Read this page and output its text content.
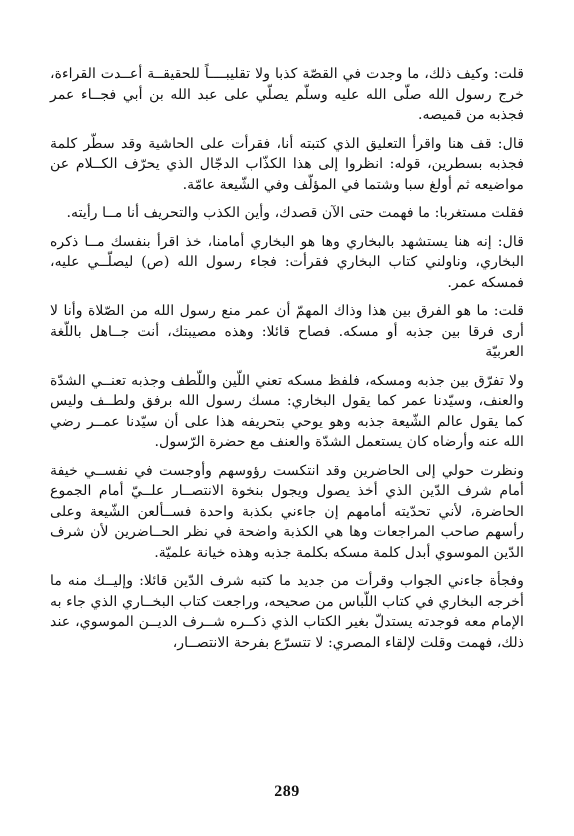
قلت: وكيف ذلك، ما وجدت في القصّة كذبا ولا تقليبــــاً للحقيقــة أعــدت القراءة، خرج رسول الله صلّى الله عليه وسلّم يصلّي على عبد الله بن أبي فجــاء عمر فجذبه من قميصه.

قال: قف هنا واقرأ التعليق الذي كتبته أنا، فقرأت على الحاشية وقد سطّر كلمة فجذبه بسطرين، قوله: انظروا إلى هذا الكذّاب الدجّال الذي يحرّف الكــلام عن مواضيعه ثم أولغ سبا وشتما في المؤلّف وفي الشّيعة عامّة.

فقلت مستغربا: ما فهمت حتى الآن قصدك، وأين الكذب والتحريف أنا مــا رأيته.

قال: إنه هنا يستشهد بالبخاري وها هو البخاري أمامنا، خذ اقرأ بنفسك مــا ذكره البخاري، وناولني كتاب البخاري فقرأت: فجاء رسول الله (ص) ليصلّــي عليه، فمسكه عمر.

قلت: ما هو الفرق بين هذا وذاك المهمّ أن عمر منع رسول الله من الصّلاة وأنا لا أرى فرقا بين جذبه أو مسكه. فصاح قائلا: وهذه مصيبتك، أنت جــاهل باللّغة العربيّة

ولا تفرّق بين جذبه ومسكه، فلفظ مسكه تعني اللّين واللّطف وجذبه تعنــي الشدّة والعنف، وسيّدنا عمر كما يقول البخاري: مسك رسول الله برفق ولطــف وليس كما يقول عالم الشّيعة جذبه وهو يوحي بتحريفه هذا على أن سيّدنا عمــر رضي الله عنه وأرضاه كان يستعمل الشدّة والعنف مع حضرة الرّسول.

ونظرت حولي إلى الحاضرين وقد انتكست رؤوسهم وأوجست في نفســي خيفة أمام شرف الدّين الذي أخذ يصول ويجول بنخوة الانتصــار علــيّ أمام الجموع الحاضرة، لأني تحدّيته أمامهم إن جاءني بكذبة واحدة فســألعن الشّيعة وعلى رأسهم صاحب المراجعات وها هي الكذبة واضحة في نظر الحــاضرين لأن شرف الدّين الموسوي أبدل كلمة مسكه بكلمة جذبه وهذه خيانة علميّة.

وفجأة جاءني الجواب وقرأت من جديد ما كتبه شرف الدّين قائلا: وإليــك منه ما أخرجه البخاري في كتاب اللّباس من صحيحه، وراجعت كتاب البخــاري الذي جاء به الإمام معه فوجدته يستدلّ بغير الكتاب الذي ذكــره شــرف الديــن الموسوي، عند ذلك، فهمت وقلت لإلقاء المصري: لا تتسرّع بفرحة الانتصــار،

289
